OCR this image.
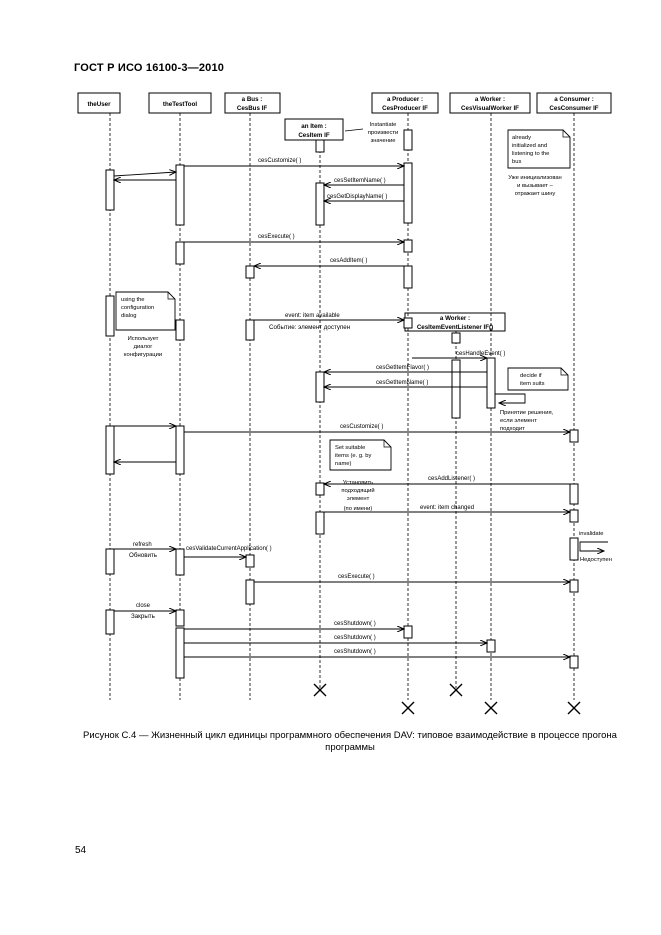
ГОСТ Р ИСО 16100-3—2010
theUser	theTestTool
a Bus :
CesBus IF
a Producer :
CesProducer IF
a Worker :
CesVisualWorker IF
a Consumer :
CesConsumer IF
an Item :
CesItem IF
a Worker :
CesItemEventListener IF()
cesCustomize( )
cesSetItemName( )
cesGetDisplayName( )
cesExecute( )
cesAddItem( )
event: item available
Событие: элемент доступен
cesHandleEvent( )
cesGetItemFlavor( )
cesGetItemName( )
cesCustomize( )
cesAddListener( )
event: item changed
refresh
Обновить
cesValidateCurrentApplication( )
cesExecute( )
close
Закрыть
cesShutdown( )
cesShutdown( )
cesShutdown( )
Instantiate
произвести
значение	already
initialized and
listening to the
bus
Уже инициализован
и вызывает –
отражает шину
using the
configuration
dialog
Использует
диалог
конфигурации
decide if
item suits
Принятие решения,
если элемент
подходит
Set suitable
items (e. g. by
name)
Установить
подходящий
элемент
(по имени)
invalidate
Недоступен
Рисунок С.4 — Жизненный цикл единицы программного обеспечения DAV: типовое взаимодействие в процессе прогона программы
54
